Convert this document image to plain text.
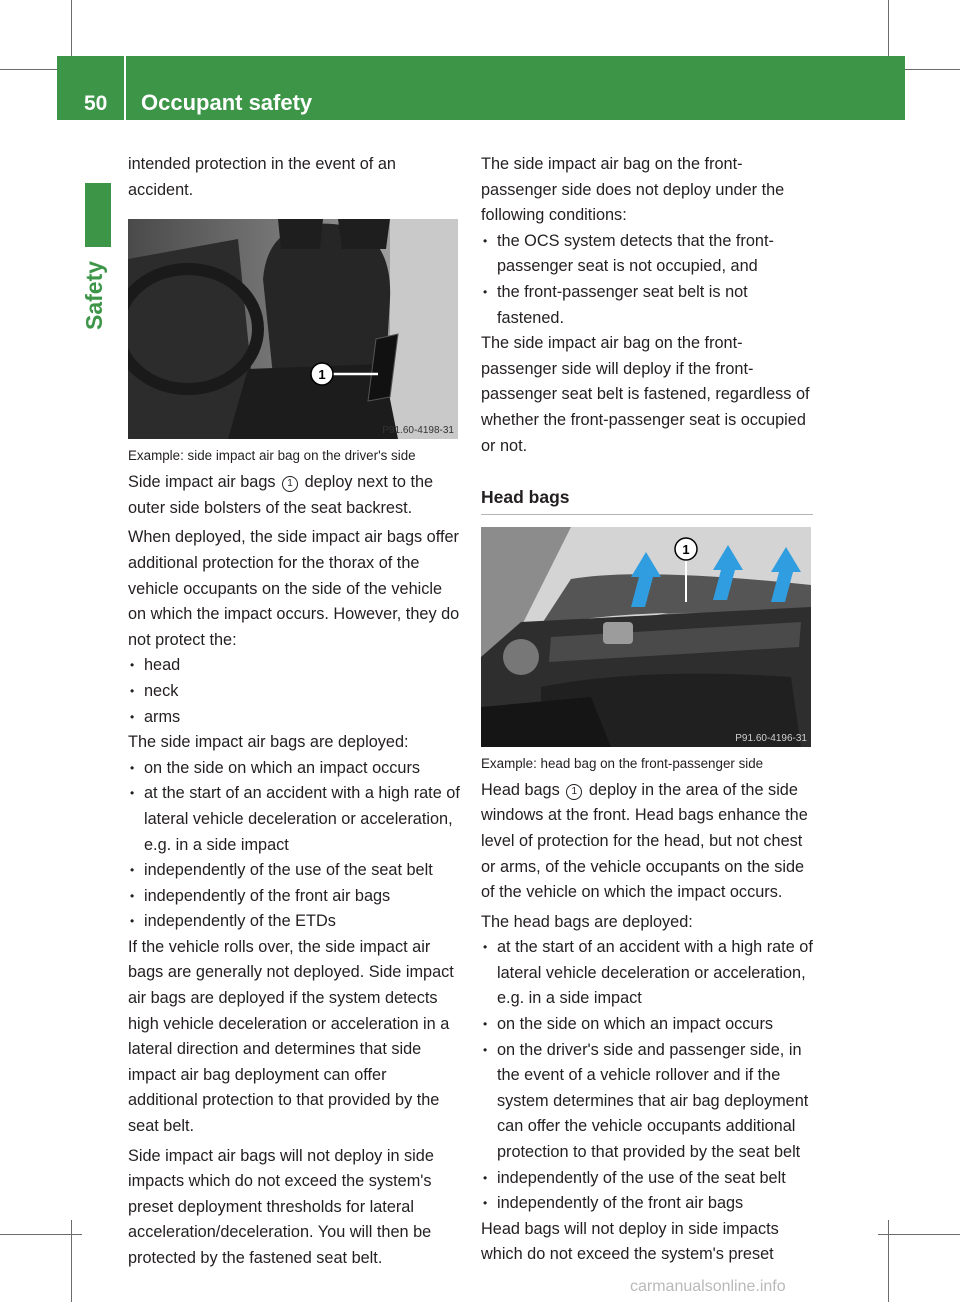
50 Occupant safety
Safety

intended protection in the event of an accident.

1
P91.60-4198-31

Example: side impact air bag on the driver's side

Side impact air bags 1 deploy next to the outer side bolsters of the seat backrest.

When deployed, the side impact air bags offer additional protection for the thorax of the vehicle occupants on the side of the vehicle on which the impact occurs. However, they do not protect the:

• head
• neck
• arms

The side impact air bags are deployed:

• on the side on which an impact occurs
• at the start of an accident with a high rate of lateral vehicle deceleration or acceleration, e.g. in a side impact
• independently of the use of the seat belt
• independently of the front air bags
• independently of the ETDs

If the vehicle rolls over, the side impact air bags are generally not deployed. Side impact air bags are deployed if the system detects high vehicle deceleration or acceleration in a lateral direction and determines that side impact air bag deployment can offer additional protection to that provided by the seat belt.

Side impact air bags will not deploy in side impacts which do not exceed the system's preset deployment thresholds for lateral acceleration/deceleration. You will then be protected by the fastened seat belt.

The side impact air bag on the front-passenger side does not deploy under the following conditions:

• the OCS system detects that the front-passenger seat is not occupied, and
• the front-passenger seat belt is not fastened.

The side impact air bag on the front-passenger side will deploy if the front-passenger seat belt is fastened, regardless of whether the front-passenger seat is occupied or not.

Head bags

1
P91.60-4196-31

Example: head bag on the front-passenger side

Head bags 1 deploy in the area of the side windows at the front. Head bags enhance the level of protection for the head, but not chest or arms, of the vehicle occupants on the side of the vehicle on which the impact occurs.

The head bags are deployed:

• at the start of an accident with a high rate of lateral vehicle deceleration or acceleration, e.g. in a side impact
• on the side on which an impact occurs
• on the driver's side and passenger side, in the event of a vehicle rollover and if the system determines that air bag deployment can offer the vehicle occupants additional protection to that provided by the seat belt
• independently of the use of the seat belt
• independently of the front air bags

Head bags will not deploy in side impacts which do not exceed the system's preset

carmanualsonline.info
